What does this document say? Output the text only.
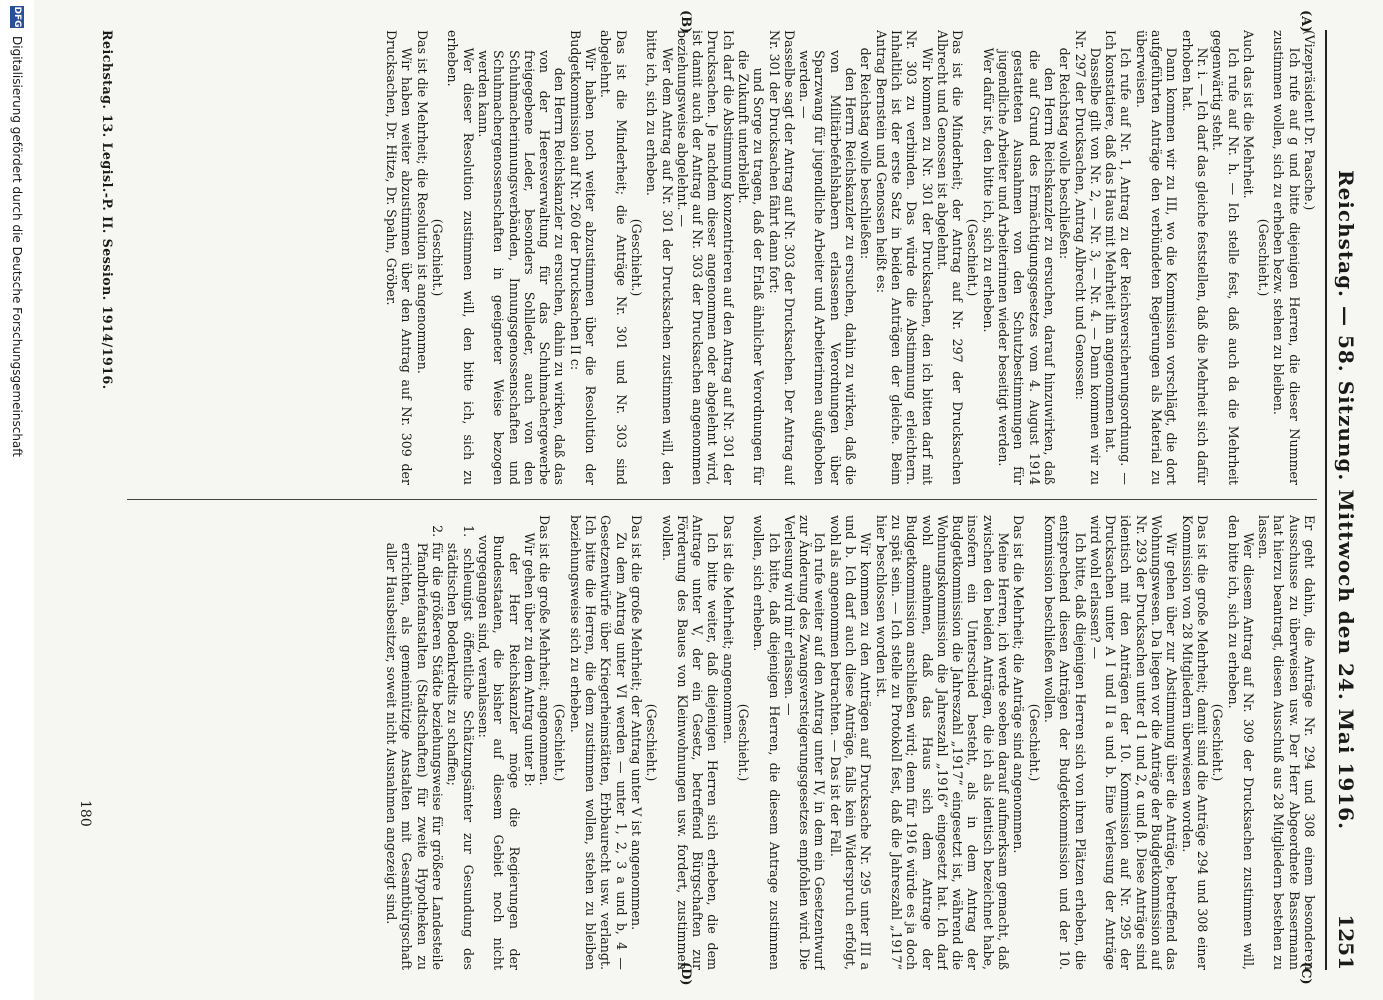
Reichstag. — 58. Sitzung. Mittwoch den 24. Mai 1916.
1251

(Vizepräsident Dr. Paasche.)

Ich rufe auf g und bitte diejenigen Herren, die dieser Nummer zustimmen wollen, sich zu erheben bezw. stehen zu bleiben.

(Geschieht.)

Auch das ist die Mehrheit.

Ich rufe auf Nr. h. — Ich stelle fest, daß auch da die Mehrheit gegenwärtig steht.

Nr. i. — Ich darf das gleiche feststellen, daß die Mehrheit sich dafür erhoben hat.

Dann kommen wir zu III, wo die Kommission vorschlägt, die dort aufgeführten Anträge den verbündeten Regierungen als Material zu überweisen.

Ich rufe auf Nr. 1, Antrag zu der Reichsversicherungsordnung. — Ich konstatiere, daß das Haus mit Mehrheit ihn angenommen hat.

Dasselbe gilt von Nr. 2, — Nr. 3, — Nr. 4. — Dann kommen wir zu Nr. 297 der Drucksachen, Antrag Albrecht und Genossen:

der Reichstag wolle beschließen:

den Herrn Reichskanzler zu ersuchen, darauf hinzuwirken, daß die auf Grund des Ermächtigungsgesetzes vom 4. August 1914 gestatteten Ausnahmen von den Schutzbestimmungen für jugendliche Arbeiter und Arbeiterinnen wieder beseitigt werden.

Wer dafür ist, den bitte ich, sich zu erheben.

(Geschieht.)

Das ist die Minderheit; der Antrag auf Nr. 297 der Drucksachen Albrecht und Genossen ist abgelehnt.

Wir kommen zu Nr. 301 der Drucksachen, den ich bitten darf mit Nr. 303 zu verbinden. Das würde die Abstimmung erleichtern. Inhaltlich ist der erste Satz in beiden Anträgen der gleiche. Beim Antrag Bernstein und Genossen heißt es:

der Reichstag wolle beschließen:

den Herrn Reichskanzler zu ersuchen, dahin zu wirken, daß die von Militärbefehlshabern erlassenen Verordnungen über Sparzwang für jugendliche Arbeiter und Arbeiterinnen aufgehoben werden. —

Dasselbe sagt der Antrag auf Nr. 303 der Drucksachen. Der Antrag auf Nr. 301 der Drucksachen fährt dann fort:

und Sorge zu tragen, daß der Erlaß ähnlicher Verordnungen für die Zukunft unterbleibt.

Ich darf die Abstimmung konzentrieren auf den Antrag auf Nr. 301 der Drucksachen. Je nachdem dieser angenommen oder abgelehnt wird, ist damit auch der Antrag auf Nr. 303 der Drucksachen angenommen beziehungsweise abgelehnt. —

Wer dem Antrag auf Nr. 301 der Drucksachen zustimmen will, den bitte ich, sich zu erheben.

(Geschieht.)

Das ist die Minderheit; die Anträge Nr. 301 und Nr. 303 sind abgelehnt.

Wir haben noch weiter abzustimmen über die Resolution der Budgetkommission auf Nr. 260 der Drucksachen II c:

den Herrn Reichskanzler zu ersuchen, dahin zu wirken, daß das von der Heeresverwaltung für das Schuhmachergewerbe freigegebene Leder, besonders Sohlleder, auch von den Schuhmacherinnungsverbänden, Innungsgenossenschaften und Schuhmachergenossenschaften in geeigneter Weise bezogen werden kann.

Wer dieser Resolution zustimmen will, den bitte ich, sich zu erheben.

(Geschieht.)

Das ist die Mehrheit; die Resolution ist angenommen.

Wir haben weiter abzustimmen über den Antrag auf Nr. 309 der Drucksachen, Dr. Hitze, Dr. Spahn, Gröber.

Er geht dahin, die Anträge Nr. 294 und 308 einem besonderen Ausschusse zu überweisen usw. Der Herr Abgeordnete Bassermann hat hierzu beantragt, diesen Ausschuß aus 28 Mitgliedern bestehen zu lassen.

Wer diesem Antrag auf Nr. 309 der Drucksachen zustimmen will, den bitte ich, sich zu erheben.

(Geschieht.)

Das ist die große Mehrheit; damit sind die Anträge 294 und 308 einer Kommission von 28 Mitgliedern überwiesen worden.

Wir gehen über zur Abstimmung über die Anträge, betreffend das Wohnungswesen. Da liegen vor die Anträge der Budgetkommission auf Nr. 293 der Drucksachen unter d 1 und 2, α und β. Diese Anträge sind identisch mit den Anträgen der 10. Kommission auf Nr. 295 der Drucksachen unter A I und II a und b. Eine Verlesung der Anträge wird wohl erlassen? —

Ich bitte, daß diejenigen Herren sich von ihren Plätzen erheben, die entsprechend diesen Anträgen der Budgetkommission und der 10. Kommission beschließen wollen.

(Geschieht.)

Das ist die Mehrheit; die Anträge sind angenommen.

Meine Herren, ich werde soeben darauf aufmerksam gemacht, daß zwischen den beiden Anträgen, die ich als identisch bezeichnet habe, insofern ein Unterschied besteht, als in dem Antrag der Budgetkommission die Jahreszahl „1917“ eingesetzt ist, während die Wohnungskommission die Jahreszahl „1916“ eingesetzt hat. Ich darf wohl annehmen, daß das Haus sich dem Antrage der Budgetkommission anschließen wird; denn für 1916 würde es ja doch zu spät sein. — Ich stelle zu Protokoll fest, daß die Jahreszahl „1917“ hier beschlossen worden ist.

Wir kommen zu den Anträgen auf Drucksache Nr. 295 unter III a und b. Ich darf auch diese Anträge, falls kein Widerspruch erfolgt, wohl als angenommen betrachten. — Das ist der Fall.

Ich rufe weiter auf den Antrag unter IV, in dem ein Gesetzentwurf zur Änderung des Zwangsversteigerungsgesetzes empfohlen wird. Die Verlesung wird mir erlassen. —

Ich bitte, daß diejenigen Herren, die diesem Antrage zustimmen wollen, sich erheben.

(Geschieht.)

Das ist die Mehrheit; angenommen.

Ich bitte weiter, daß diejenigen Herren sich erheben, die dem Antrage unter V, der ein Gesetz, betreffend Bürgschaften zur Förderung des Baues von Kleinwohnungen usw. fordert, zustimmen wollen.

(Geschieht.)

Das ist die große Mehrheit; der Antrag unter V ist angenommen.

Zu dem Antrag unter VI werden — unter 1, 2, 3 a und b, 4 — Gesetzentwürfe über Kriegerheimstätten, Erbbaurecht usw. verlangt. Ich bitte die Herren, die dem zustimmen wollen, stehen zu bleiben beziehungsweise sich zu erheben.

(Geschieht.)

Das ist die große Mehrheit; angenommen.

Wir gehen über zu dem Antrag unter B:

der Herr Reichskanzler möge die Regierungen der Bundesstaaten, die bisher auf diesem Gebiet noch nicht vorgegangen sind, veranlassen:

1. schleunigst öffentliche Schätzungsämter zur Gesundung des städtischen Bodenkredits zu schaffen;

2. für die größeren Städte beziehungsweise für größere Landesteile Pfandbriefanstalten (Stadtschaften) für zweite Hypotheken zu errichten, als gemeinnützige Anstalten mit Gesamtbürgschaft aller Hausbesitzer, soweit nicht Ausnahmen angezeigt sind.

(A)
(B)
(C)
(D)
Reichstag. 13. Legisl.-P. II. Session. 1914/1916.
180
DFG
Digitalisierung gefördert durch die Deutsche Forschungsgemeinschaft
